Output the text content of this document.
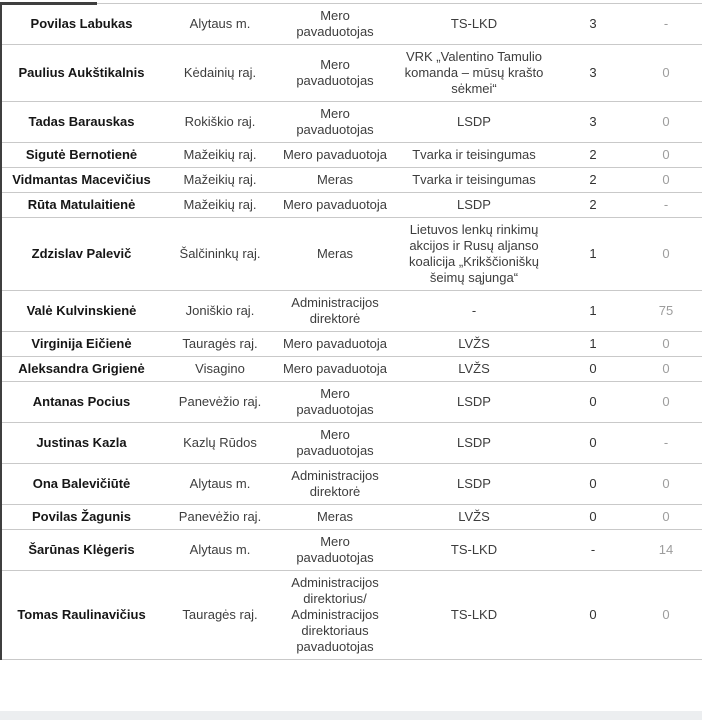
Povilas Labukas	Alytaus m.	Mero pavaduotojas	TS-LKD	3	-
Paulius Aukštikalnis	Kėdainių raj.	Mero pavaduotojas	VRK „Valentino Tamulio komanda – mūsų krašto sėkmei“	3	0
Tadas Barauskas	Rokiškio raj.	Mero pavaduotojas	LSDP	3	0
Sigutė Bernotienė	Mažeikių raj.	Mero pavaduotoja	Tvarka ir teisingumas	2	0
Vidmantas Macevičius	Mažeikių raj.	Meras	Tvarka ir teisingumas	2	0
Rūta Matulaitienė	Mažeikių raj.	Mero pavaduotoja	LSDP	2	-
Zdzislav Palevič	Šalčininkų raj.	Meras	Lietuvos lenkų rinkimų akcijos ir Rusų aljanso koalicija „Krikščioniškų šeimų sąjunga“	1	0
Valė Kulvinskienė	Joniškio raj.	Administracijos direktorė	-	1	75
Virginija Eičienė	Tauragės raj.	Mero pavaduotoja	LVŽS	1	0
Aleksandra Grigienė	Visagino	Mero pavaduotoja	LVŽS	0	0
Antanas Pocius	Panevėžio raj.	Mero pavaduotojas	LSDP	0	0
Justinas Kazla	Kazlų Rūdos	Mero pavaduotojas	LSDP	0	-
Ona Balevičiūtė	Alytaus m.	Administracijos direktorė	LSDP	0	0
Povilas Žagunis	Panevėžio raj.	Meras	LVŽS	0	0
Šarūnas Klėgeris	Alytaus m.	Mero pavaduotojas	TS-LKD	-	14
Tomas Raulinavičius	Tauragės raj.	Administracijos direktorius/ Administracijos direktoriaus pavaduotojas	TS-LKD	0	0
